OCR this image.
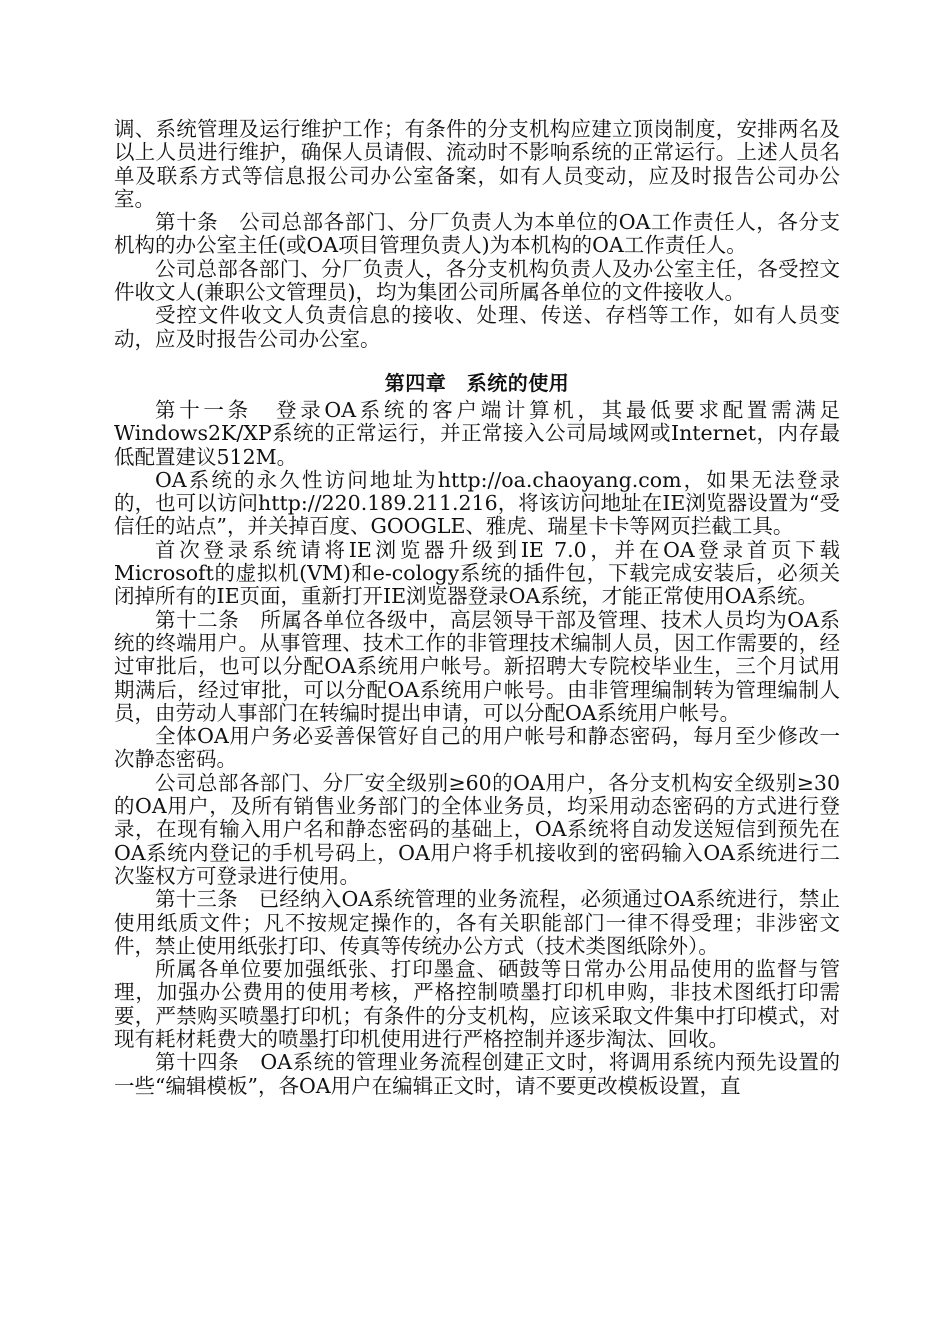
调、系统管理及运行维护工作；有条件的分支机构应建立顶岗制度，安排两名及以上人员进行维护，确保人员请假、流动时不影响系统的正常运行。上述人员名单及联系方式等信息报公司办公室备案，如有人员变动，应及时报告公司办公室。

第十条　公司总部各部门、分厂负责人为本单位的OA工作责任人，各分支机构的办公室主任(或OA项目管理负责人)为本机构的OA工作责任人。

公司总部各部门、分厂负责人，各分支机构负责人及办公室主任，各受控文件收文人(兼职公文管理员)，均为集团公司所属各单位的文件接收人。

受控文件收文人负责信息的接收、处理、传送、存档等工作，如有人员变动，应及时报告公司办公室。

第四章　系统的使用

第十一条　登录OA系统的客户端计算机，其最低要求配置需满足Windows2K/XP系统的正常运行，并正常接入公司局域网或Internet，内存最低配置建议512M。

OA系统的永久性访问地址为http://oa.chaoyang.com，如果无法登录的，也可以访问http://220.189.211.216，将该访问地址在IE浏览器设置为“受信任的站点”，并关掉百度、GOOGLE、雅虎、瑞星卡卡等网页拦截工具。

首次登录系统请将IE浏览器升级到IE 7.0，并在OA登录首页下载Microsoft的虚拟机(VM)和e-cology系统的插件包，下载完成安装后，必须关闭掉所有的IE页面，重新打开IE浏览器登录OA系统，才能正常使用OA系统。

第十二条　所属各单位各级中，高层领导干部及管理、技术人员均为OA系统的终端用户。从事管理、技术工作的非管理技术编制人员，因工作需要的，经过审批后，也可以分配OA系统用户帐号。新招聘大专院校毕业生，三个月试用期满后，经过审批，可以分配OA系统用户帐号。由非管理编制转为管理编制人员，由劳动人事部门在转编时提出申请，可以分配OA系统用户帐号。

全体OA用户务必妥善保管好自己的用户帐号和静态密码，每月至少修改一次静态密码。

公司总部各部门、分厂安全级别≥60的OA用户，各分支机构安全级别≥30的OA用户，及所有销售业务部门的全体业务员，均采用动态密码的方式进行登录，在现有输入用户名和静态密码的基础上，OA系统将自动发送短信到预先在OA系统内登记的手机号码上，OA用户将手机接收到的密码输入OA系统进行二次鉴权方可登录进行使用。

第十三条　已经纳入OA系统管理的业务流程，必须通过OA系统进行，禁止使用纸质文件；凡不按规定操作的，各有关职能部门一律不得受理；非涉密文件，禁止使用纸张打印、传真等传统办公方式（技术类图纸除外）。

所属各单位要加强纸张、打印墨盒、硒鼓等日常办公用品使用的监督与管理，加强办公费用的使用考核，严格控制喷墨打印机申购，非技术图纸打印需要，严禁购买喷墨打印机；有条件的分支机构，应该采取文件集中打印模式，对现有耗材耗费大的喷墨打印机使用进行严格控制并逐步淘汰、回收。

第十四条　OA系统的管理业务流程创建正文时，将调用系统内预先设置的一些“编辑模板”，各OA用户在编辑正文时，请不要更改模板设置，直
